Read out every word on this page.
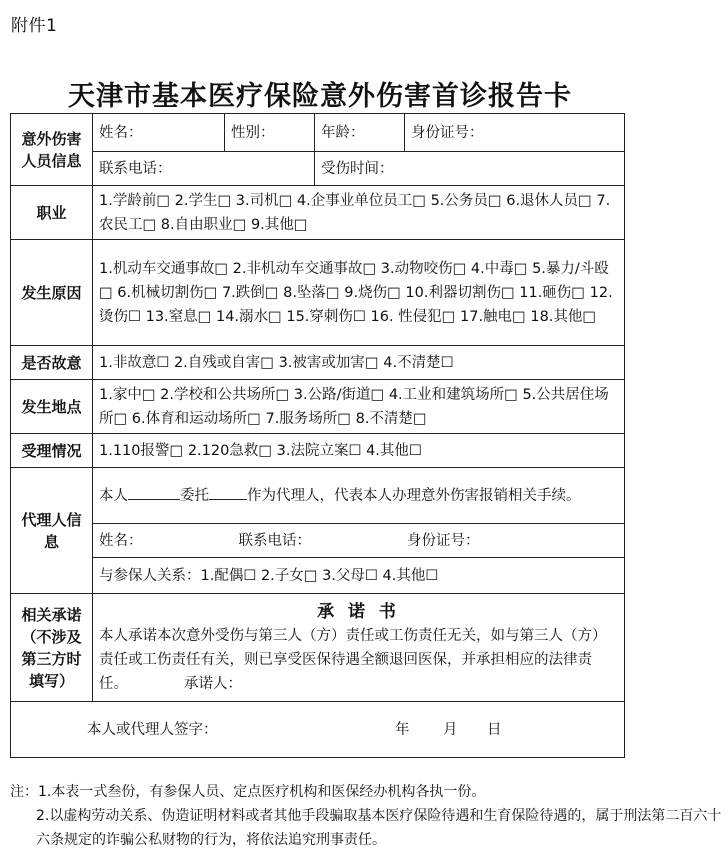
附件1
天津市基本医疗保险意外伤害首诊报告卡
意外伤害人员信息	姓名：	性别：	年龄：	身份证号：
	联系电话：		受伤时间：	
职业	1.学龄前□ 2.学生□ 3.司机□ 4.企事业单位员工□ 5.公务员□ 6.退休人员□ 7.农民工□ 8.自由职业□ 9.其他□			
发生原因	1.机动车交通事故□ 2.非机动车交通事故□ 3.动物咬伤□ 4.中毒□ 5.暴力/斗殴□ 6.机械切割伤□ 7.跌倒□ 8.坠落□ 9.烧伤□ 10.利器切割伤□ 11.砸伤□ 12.烫伤☐ 13.窒息□ 14.溺水□ 15.穿刺伤☐ 16. 性侵犯□ 17.触电□ 18.其他□			
是否故意	1.非故意☐ 2.自残或自害□ 3.被害或加害□ 4.不清楚☐			
发生地点	1.家中□ 2.学校和公共场所□ 3.公路/街道□ 4.工业和建筑场所□ 5.公共居住场所□ 6.体育和运动场所□ 7.服务场所□ 8.不清楚□			
受理情况	1.110报警□ 2.120急救□ 3.法院立案☐ 4.其他☐			
代理人信息	本人 委托 作为代理人，代表本人办理意外伤害报销相关手续。			
	姓名： 联系电话： 身份证号：			
	与参保人关系：1.配偶☐ 2.子女□ 3.父母☐ 4.其他☐			
相关承诺（不涉及第三方时填写）	承 诺 书
本人承诺本次意外受伤与第三人（方）责任或工伤责任无关，如与第三人（方）责任或工伤责任有关，则已享受医保待遇全额退回医保，并承担相应的法律责任。 承诺人：			

本人或代理人签字： 年 月 日				
注：1.本表一式叁份，有参保人员、定点医疗机构和医保经办机构各执一份。
2.以虚构劳动关系、伪造证明材料或者其他手段骗取基本医疗保险待遇和生育保险待遇的，属于刑法第二百六十六条规定的诈骗公私财物的行为，将依法追究刑事责任。
